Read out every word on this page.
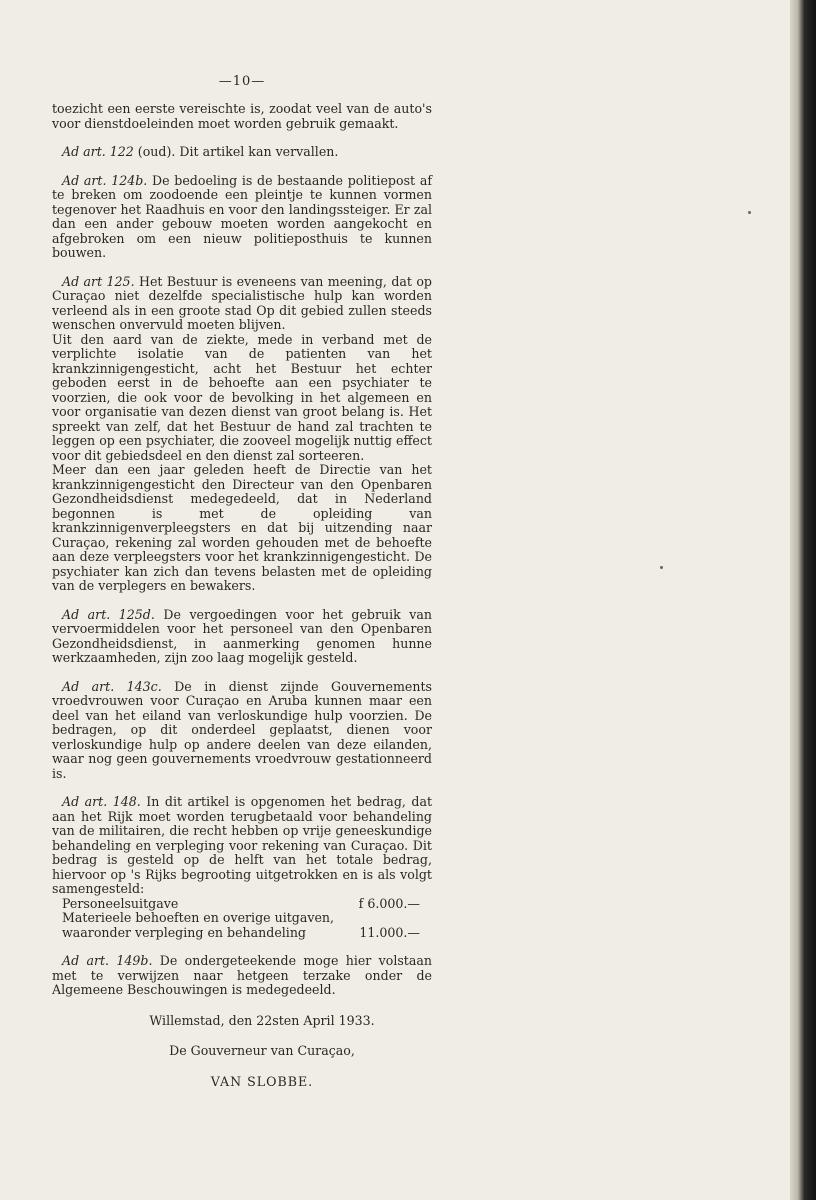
—10—

toezicht een eerste vereischte is, zoodat veel van de auto's voor dienstdoeleinden moet worden gebruik gemaakt.

Ad art. 122 (oud). Dit artikel kan vervallen.

Ad art. 124b. De bedoeling is de bestaande politiepost af te breken om zoodoende een pleintje te kunnen vormen tegenover het Raadhuis en voor den landingssteiger. Er zal dan een ander gebouw moeten worden aangekocht en afgebroken om een nieuw politieposthuis te kunnen bouwen.

Ad art 125. Het Bestuur is eveneens van meening, dat op Curaçao niet dezelfde specialistische hulp kan worden verleend als in een groote stad Op dit gebied zullen steeds wenschen onvervuld moeten blijven.

Uit den aard van de ziekte, mede in verband met de verplichte isolatie van de patienten van het krankzinnigengesticht, acht het Bestuur het echter geboden eerst in de behoefte aan een psychiater te voorzien, die ook voor de bevolking in het algemeen en voor organisatie van dezen dienst van groot belang is. Het spreekt van zelf, dat het Bestuur de hand zal trachten te leggen op een psychiater, die zooveel mogelijk nuttig effect voor dit gebiedsdeel en den dienst zal sorteeren.

Meer dan een jaar geleden heeft de Directie van het krankzinnigengesticht den Directeur van den Openbaren Gezondheidsdienst medegedeeld, dat in Nederland begonnen is met de opleiding van krankzinnigenverpleegsters en dat bij uitzending naar Curaçao, rekening zal worden gehouden met de behoefte aan deze verpleegsters voor het krankzinnigengesticht. De psychiater kan zich dan tevens belasten met de opleiding van de verplegers en bewakers.

Ad art. 125d. De vergoedingen voor het gebruik van vervoermiddelen voor het personeel van den Openbaren Gezondheidsdienst, in aanmerking genomen hunne werkzaamheden, zijn zoo laag mogelijk gesteld.

Ad art. 143c. De in dienst zijnde Gouvernements vroedvrouwen voor Curaçao en Aruba kunnen maar een deel van het eiland van verloskundige hulp voorzien. De bedragen, op dit onderdeel geplaatst, dienen voor verloskundige hulp op andere deelen van deze eilanden, waar nog geen gouvernements vroedvrouw gestationneerd is.

Ad art. 148. In dit artikel is opgenomen het bedrag, dat aan het Rijk moet worden terugbetaald voor behandeling van de militairen, die recht hebben op vrije geneeskundige behandeling en verpleging voor rekening van Curaçao. Dit bedrag is gesteld op de helft van het totale bedrag, hiervoor op 's Rijks begrooting uitgetrokken en is als volgt samengesteld:

Personeelsuitgave	f 6.000.—
Materieele behoeften en overige uitgaven,
waaronder verpleging en behandeling	11.000.—

Ad art. 149b. De ondergeteekende moge hier volstaan met te verwijzen naar hetgeen terzake onder de Algemeene Beschouwingen is medegedeeld.

Willemstad, den 22sten April 1933.

De Gouverneur van Curaçao,

VAN SLOBBE.
